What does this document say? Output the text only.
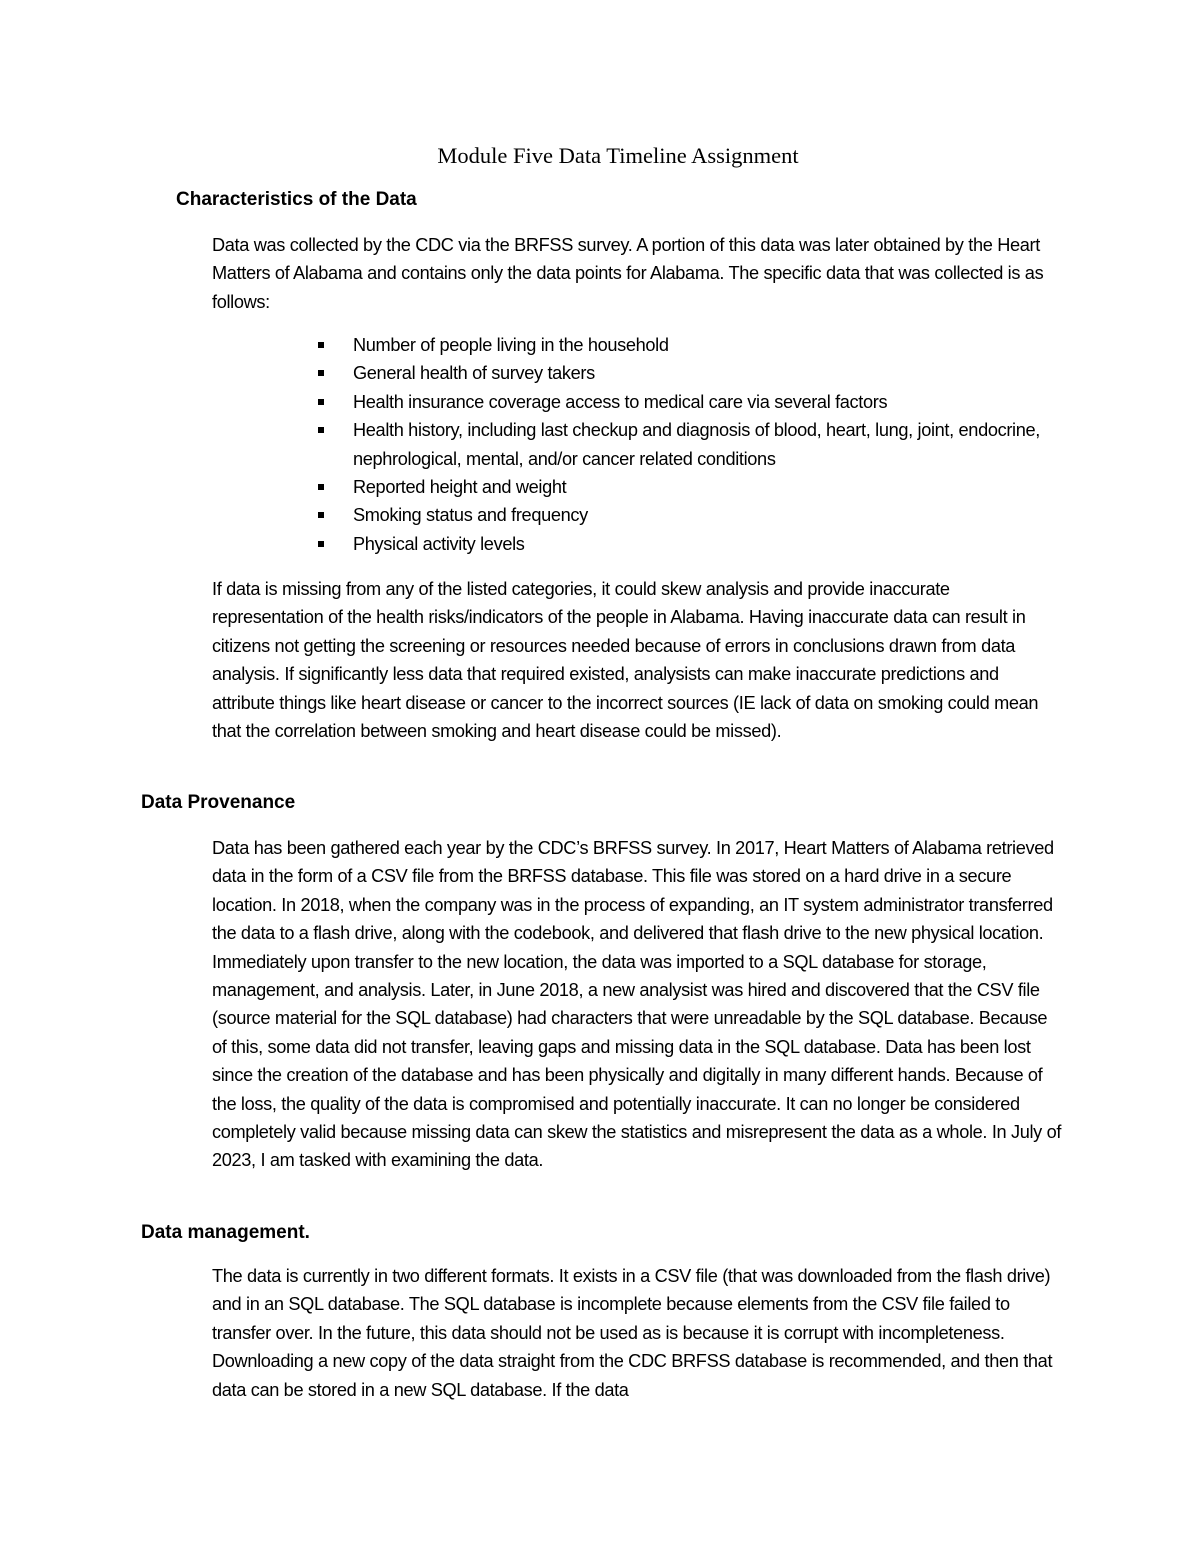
Module Five Data Timeline Assignment
Characteristics of the Data

Data was collected by the CDC via the BRFSS survey. A portion of this data was later obtained by the Heart Matters of Alabama and contains only the data points for Alabama. The specific data that was collected is as follows:

Number of people living in the household
General health of survey takers
Health insurance coverage access to medical care via several factors
Health history, including last checkup and diagnosis of blood, heart, lung, joint, endocrine, nephrological, mental, and/or cancer related conditions
Reported height and weight
Smoking status and frequency
Physical activity levels

If data is missing from any of the listed categories, it could skew analysis and provide inaccurate representation of the health risks/indicators of the people in Alabama. Having inaccurate data can result in citizens not getting the screening or resources needed because of errors in conclusions drawn from data analysis. If significantly less data that required existed, analysists can make inaccurate predictions and attribute things like heart disease or cancer to the incorrect sources (IE lack of data on smoking could mean that the correlation between smoking and heart disease could be missed).

Data Provenance

Data has been gathered each year by the CDC’s BRFSS survey. In 2017, Heart Matters of Alabama retrieved data in the form of a CSV file from the BRFSS database. This file was stored on a hard drive in a secure location. In 2018, when the company was in the process of expanding, an IT system administrator transferred the data to a flash drive, along with the codebook, and delivered that flash drive to the new physical location. Immediately upon transfer to the new location, the data was imported to a SQL database for storage, management, and analysis. Later, in June 2018, a new analysist was hired and discovered that the CSV file (source material for the SQL database) had characters that were unreadable by the SQL database. Because of this, some data did not transfer, leaving gaps and missing data in the SQL database. Data has been lost since the creation of the database and has been physically and digitally in many different hands. Because of the loss, the quality of the data is compromised and potentially inaccurate. It can no longer be considered completely valid because missing data can skew the statistics and misrepresent the data as a whole. In July of 2023, I am tasked with examining the data.

Data management.

The data is currently in two different formats. It exists in a CSV file (that was downloaded from the flash drive) and in an SQL database. The SQL database is incomplete because elements from the CSV file failed to transfer over. In the future, this data should not be used as is because it is corrupt with incompleteness. Downloading a new copy of the data straight from the CDC BRFSS database is recommended, and then that data can be stored in a new SQL database. If the data
